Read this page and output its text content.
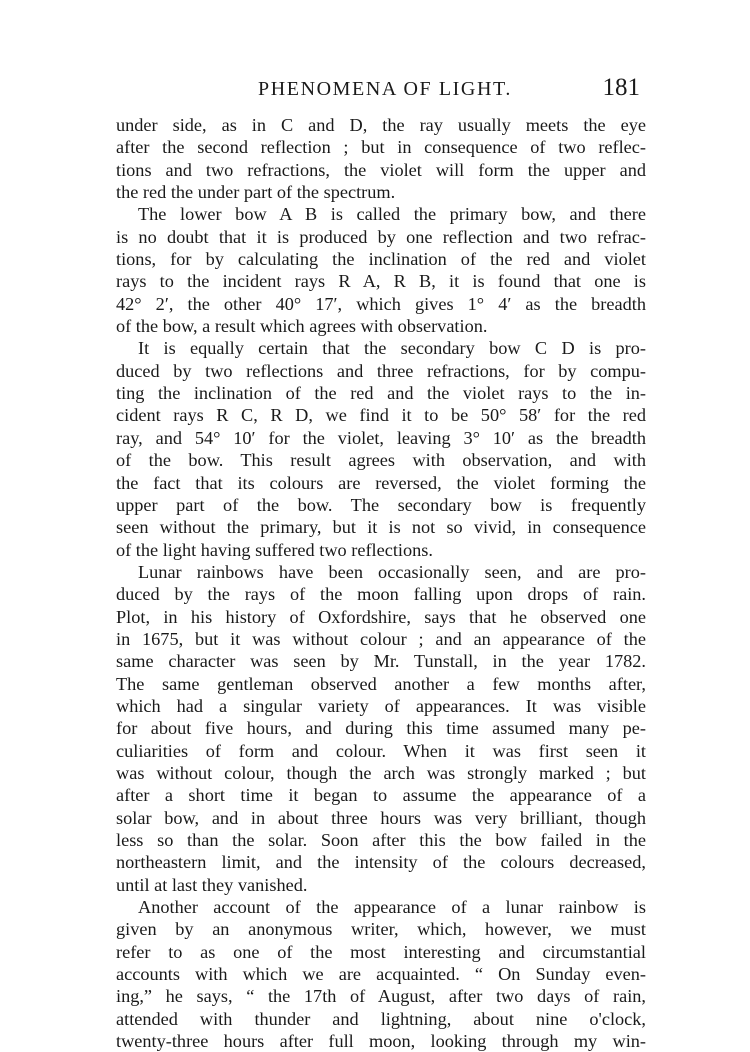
PHENOMENA OF LIGHT.	181
under side, as in C and D, the ray usually meets the eye
after the second reflection ; but in consequence of two reflec-
tions and two refractions, the violet will form the upper and
the red the under part of the spectrum.
The lower bow A B is called the primary bow, and there
is no doubt that it is produced by one reflection and two refrac-
tions, for by calculating the inclination of the red and violet
rays to the incident rays R A, R B, it is found that one is
42° 2′, the other 40° 17′, which gives 1° 4′ as the breadth
of the bow, a result which agrees with observation.
It is equally certain that the secondary bow C D is pro-
duced by two reflections and three refractions, for by compu-
ting the inclination of the red and the violet rays to the in-
cident rays R C, R D, we find it to be 50° 58′ for the red
ray, and 54° 10′ for the violet, leaving 3° 10′ as the breadth
of the bow. This result agrees with observation, and with
the fact that its colours are reversed, the violet forming the
upper part of the bow. The secondary bow is frequently
seen without the primary, but it is not so vivid, in consequence
of the light having suffered two reflections.
Lunar rainbows have been occasionally seen, and are pro-
duced by the rays of the moon falling upon drops of rain.
Plot, in his history of Oxfordshire, says that he observed one
in 1675, but it was without colour ; and an appearance of the
same character was seen by Mr. Tunstall, in the year 1782.
The same gentleman observed another a few months after,
which had a singular variety of appearances. It was visible
for about five hours, and during this time assumed many pe-
culiarities of form and colour. When it was first seen it
was without colour, though the arch was strongly marked ; but
after a short time it began to assume the appearance of a
solar bow, and in about three hours was very brilliant, though
less so than the solar. Soon after this the bow failed in the
northeastern limit, and the intensity of the colours decreased,
until at last they vanished.
Another account of the appearance of a lunar rainbow is
given by an anonymous writer, which, however, we must
refer to as one of the most interesting and circumstantial
accounts with which we are acquainted. “ On Sunday even-
ing,” he says, “ the 17th of August, after two days of rain,
attended with thunder and lightning, about nine o'clock,
twenty-three hours after full moon, looking through my win-
